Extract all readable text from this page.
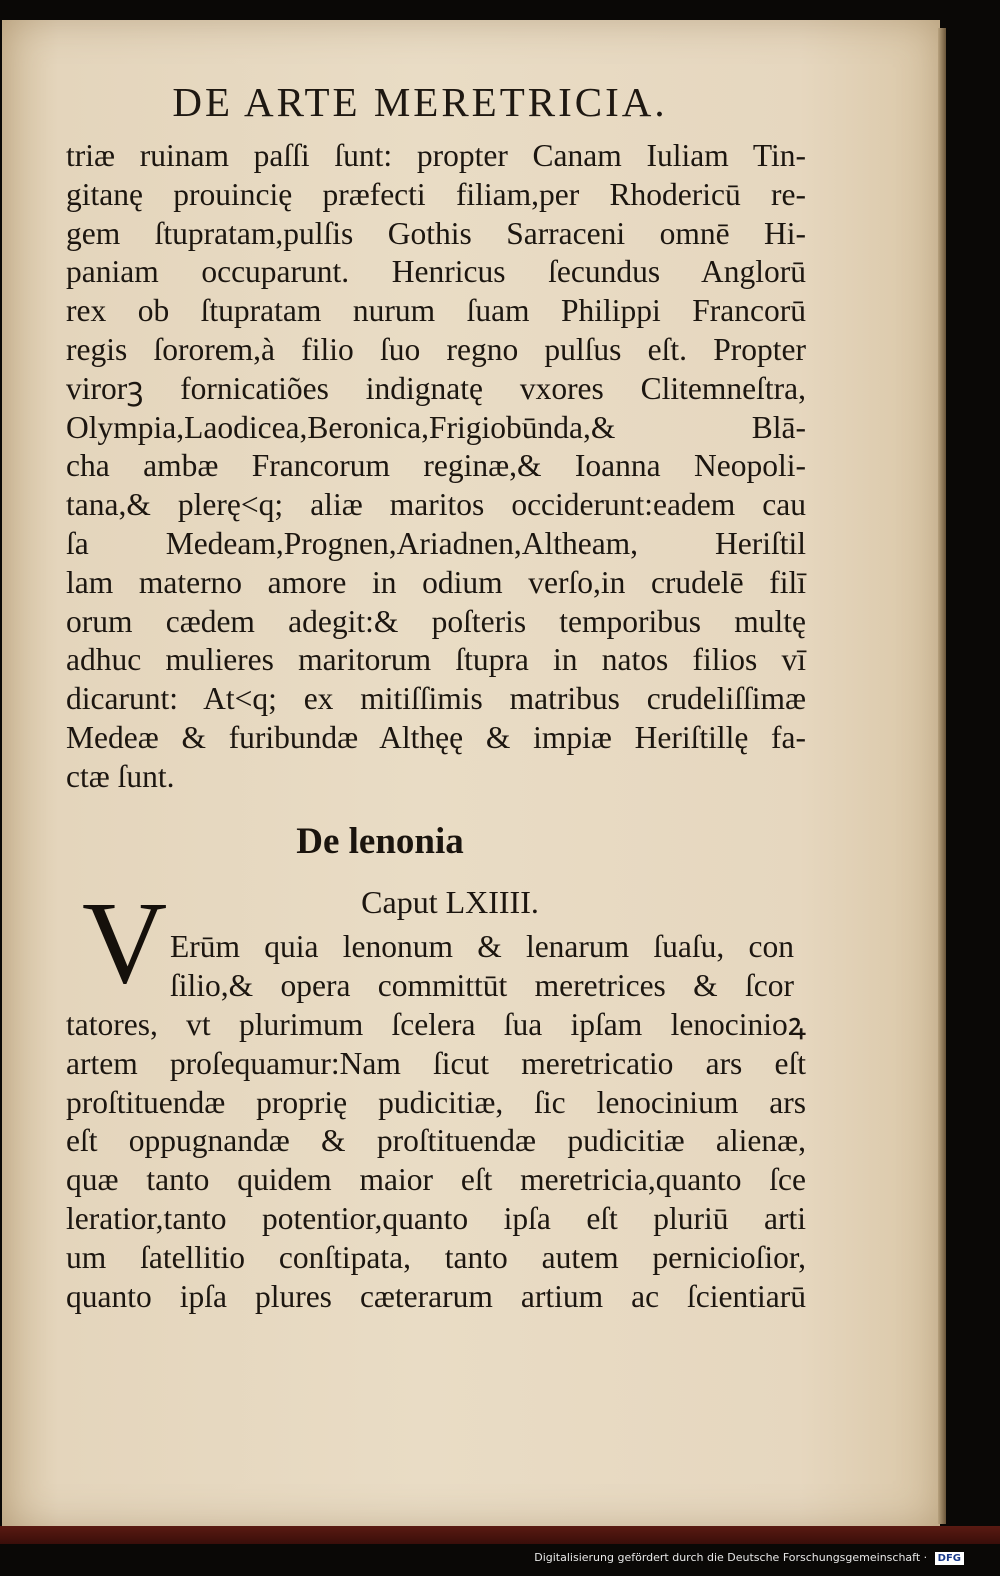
DE ARTE MERETRICIA.
triæ ruinam paſſi ſunt: propter Canam Iuliam Tin-
gitanę prouincię præfecti filiam,per Rhodericū re-
gem ſtupratam,pulſis Gothis Sarraceni omnē Hi-
paniam occuparunt. Henricus ſecundus Anglorū
rex ob ſtupratam nurum ſuam Philippi Francorū
regis ſororem,à filio ſuo regno pulſus eſt. Propter
virorꝫ fornicatiões indignatę vxores Clitemneſtra,
Olympia,Laodicea,Beronica,Frigiobūnda,& Blā-
cha ambæ Francorum reginæ,& Ioanna Neopoli-
tana,& plerę<q; aliæ maritos occiderunt:eadem cau
ſa Medeam,Prognen,Ariadnen,Altheam, Heriſtil
lam materno amore in odium verſo,in crudelē filī
orum cædem adegit:& poſteris temporibus multę
adhuc mulieres maritorum ſtupra in natos filios vī
dicarunt: At<q; ex mitiſſimis matribus crudeliſſimæ
Medeæ & furibundæ Althęę & impiæ Heriſtillę fa-
ctæ ſunt.
De lenonia
Caput LXIIII.
V Erūm quia lenonum & lenarum ſuaſu, con
ſilio,& opera committūt meretrices & ſcor
tatores, vt plurimum ſcelera ſua ipſam lenocinioꝝ
artem proſequamur:Nam ſicut meretricatio ars eſt
proſtituendæ proprię pudicitiæ, ſic lenocinium ars
eſt oppugnandæ & proſtituendæ pudicitiæ alienæ,
quæ tanto quidem maior eſt meretricia,quanto ſce
leratior,tanto potentior,quanto ipſa eſt pluriū arti
um ſatellitio conſtipata, tanto autem pernicioſior,
quanto ipſa plures cæterarum artium ac ſcientiarū
Digitalisierung gefördert durch die Deutsche Forschungsgemeinschaft · DFG
